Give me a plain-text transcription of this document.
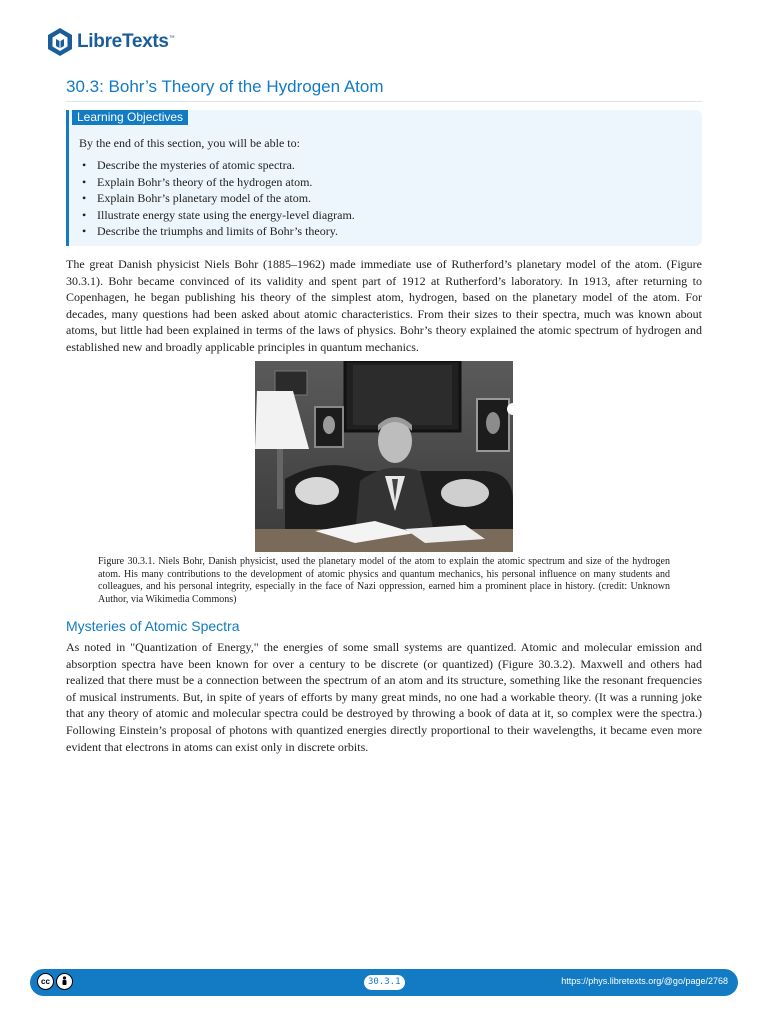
LibreTexts™
30.3: Bohr’s Theory of the Hydrogen Atom
Learning Objectives

By the end of this section, you will be able to:

• Describe the mysteries of atomic spectra.
• Explain Bohr’s theory of the hydrogen atom.
• Explain Bohr’s planetary model of the atom.
• Illustrate energy state using the energy-level diagram.
• Describe the triumphs and limits of Bohr’s theory.

The great Danish physicist Niels Bohr (1885–1962) made immediate use of Rutherford’s planetary model of the atom. (Figure 30.3.1). Bohr became convinced of its validity and spent part of 1912 at Rutherford’s laboratory. In 1913, after returning to Copenhagen, he began publishing his theory of the simplest atom, hydrogen, based on the planetary model of the atom. For decades, many questions had been asked about atomic characteristics. From their sizes to their spectra, much was known about atoms, but little had been explained in terms of the laws of physics. Bohr’s theory explained the atomic spectrum of hydrogen and established new and broadly applicable principles in quantum mechanics.

Figure 30.3.1. Niels Bohr, Danish physicist, used the planetary model of the atom to explain the atomic spectrum and size of the hydrogen atom. His many contributions to the development of atomic physics and quantum mechanics, his personal influence on many students and colleagues, and his personal integrity, especially in the face of Nazi oppression, earned him a prominent place in history. (credit: Unknown Author, via Wikimedia Commons)

Mysteries of Atomic Spectra

As noted in "Quantization of Energy," the energies of some small systems are quantized. Atomic and molecular emission and absorption spectra have been known for over a century to be discrete (or quantized) (Figure 30.3.2). Maxwell and others had realized that there must be a connection between the spectrum of an atom and its structure, something like the resonant frequencies of musical instruments. But, in spite of years of efforts by many great minds, no one had a workable theory. (It was a running joke that any theory of atomic and molecular spectra could be destroyed by throwing a book of data at it, so complex were the spectra.) Following Einstein’s proposal of photons with quantized energies directly proportional to their wavelengths, it became even more evident that electrons in atoms can exist only in discrete orbits.

cc	30.3.1	https://phys.libretexts.org/@go/page/2768
